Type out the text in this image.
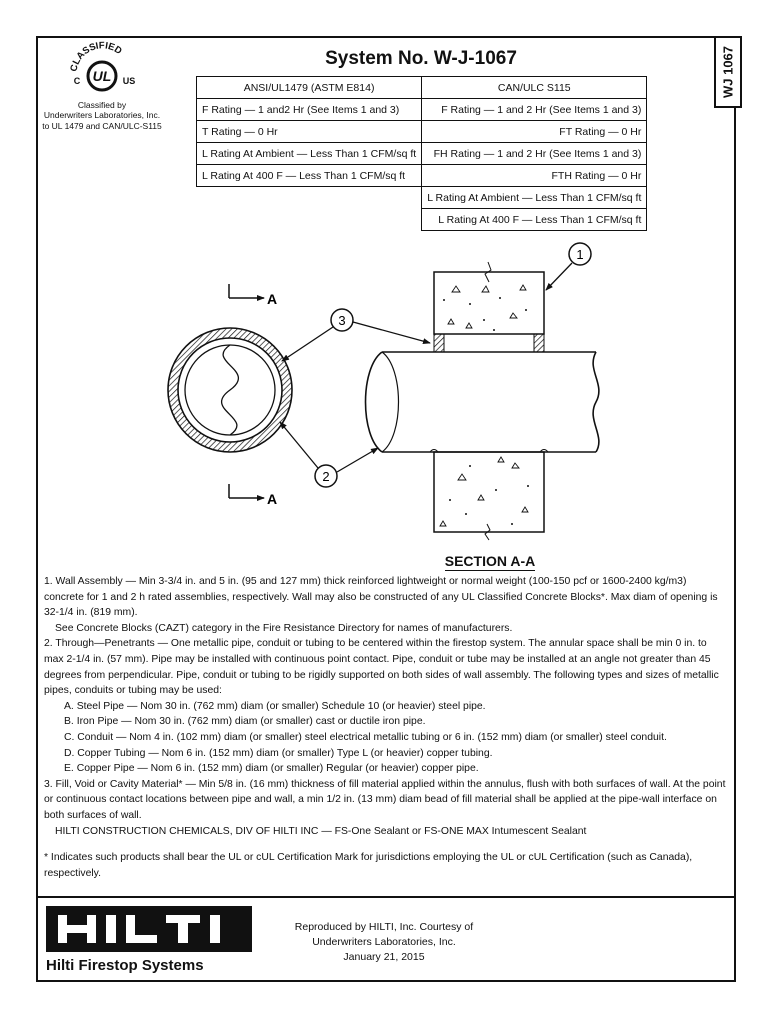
WJ 1067
CLASSIFIED
UL
C	US
Classified by
Underwriters Laboratories, Inc.
to UL 1479 and CAN/ULC-S115
System No. W-J-1067
ANSI/UL1479 (ASTM E814)	CAN/ULC S115
F Rating — 1 and2 Hr (See Items 1 and 3)	F Rating — 1 and 2 Hr (See Items 1 and 3)
T Rating — 0 Hr	FT Rating — 0 Hr
L Rating At Ambient — Less Than 1 CFM/sq ft	FH Rating — 1 and 2 Hr (See Items 1 and 3)
L Rating At 400 F — Less Than 1 CFM/sq ft	FTH Rating — 0 Hr
	L Rating At Ambient — Less Than 1 CFM/sq ft
	L Rating At 400 F — Less Than 1 CFM/sq ft
A
A
1
3
2
SECTION A-A

1. Wall Assembly — Min 3-3/4 in. and 5 in. (95 and 127 mm) thick reinforced lightweight or normal weight (100-150 pcf or 1600-2400 kg/m3) concrete for 1 and 2 h rated assemblies, respectively. Wall may also be constructed of any UL Classified Concrete Blocks*. Max diam of opening is 32-1/4 in. (819 mm).

See Concrete Blocks (CAZT) category in the Fire Resistance Directory for names of manufacturers.

2. Through—Penetrants — One metallic pipe, conduit or tubing to be centered within the firestop system. The annular space shall be min 0 in. to max 2-1/4 in. (57 mm). Pipe may be installed with continuous point contact. Pipe, conduit or tube may be installed at an angle not greater than 45 degrees from perpendicular. Pipe, conduit or tubing to be rigidly supported on both sides of wall assembly. The following types and sizes of metallic pipes, conduits or tubing may be used:

A. Steel Pipe — Nom 30 in. (762 mm) diam (or smaller) Schedule 10 (or heavier) steel pipe.

B. Iron Pipe — Nom 30 in. (762 mm) diam (or smaller) cast or ductile iron pipe.

C. Conduit — Nom 4 in. (102 mm) diam (or smaller) steel electrical metallic tubing or 6 in. (152 mm) diam (or smaller) steel conduit.

D. Copper Tubing — Nom 6 in. (152 mm) diam (or smaller) Type L (or heavier) copper tubing.

E. Copper Pipe — Nom 6 in. (152 mm) diam (or smaller) Regular (or heavier) copper pipe.

3. Fill, Void or Cavity Material* — Min 5/8 in. (16 mm) thickness of fill material applied within the annulus, flush with both surfaces of wall. At the point or continuous contact locations between pipe and wall, a min 1/2 in. (13 mm) diam bead of fill material shall be applied at the pipe-wall interface on both surfaces of wall.

HILTI CONSTRUCTION CHEMICALS, DIV OF HILTI INC — FS-One Sealant or FS-ONE MAX Intumescent Sealant

* Indicates such products shall bear the UL or cUL Certification Mark for jurisdictions employing the UL or cUL Certification (such as Canada), respectively.

Hilti Firestop Systems
Reproduced by HILTI, Inc. Courtesy of
Underwriters Laboratories, Inc.
January 21, 2015
